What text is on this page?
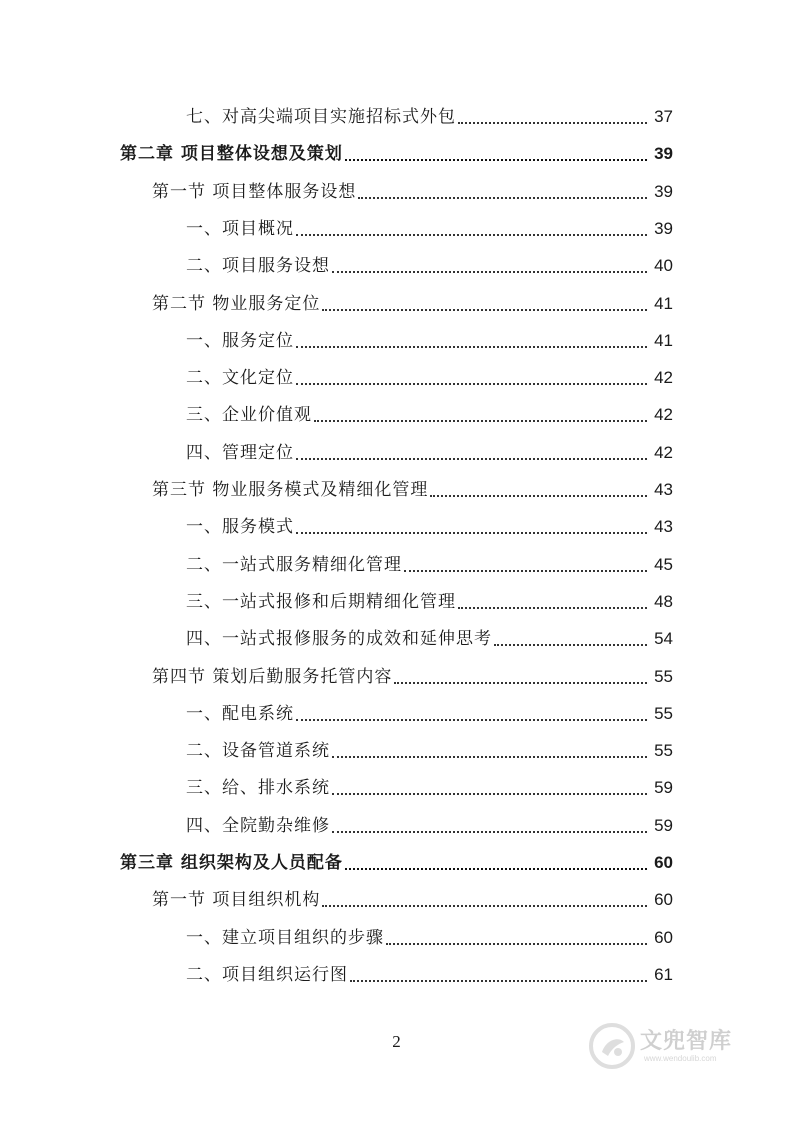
七、对高尖端项目实施招标式外包	37
第二章 项目整体设想及策划	39
第一节 项目整体服务设想	39
一、项目概况	39
二、项目服务设想	40
第二节 物业服务定位	41
一、服务定位	41
二、文化定位	42
三、企业价值观	42
四、管理定位	42
第三节 物业服务模式及精细化管理	43
一、服务模式	43
二、一站式服务精细化管理	45
三、一站式报修和后期精细化管理	48
四、一站式报修服务的成效和延伸思考	54
第四节 策划后勤服务托管内容	55
一、配电系统	55
二、设备管道系统	55
三、给、排水系统	59
四、全院勤杂维修	59
第三章 组织架构及人员配备	60
第一节 项目组织机构	60
一、建立项目组织的步骤	60
二、项目组织运行图	61
2	文兜智库
www.wendoulib.com
